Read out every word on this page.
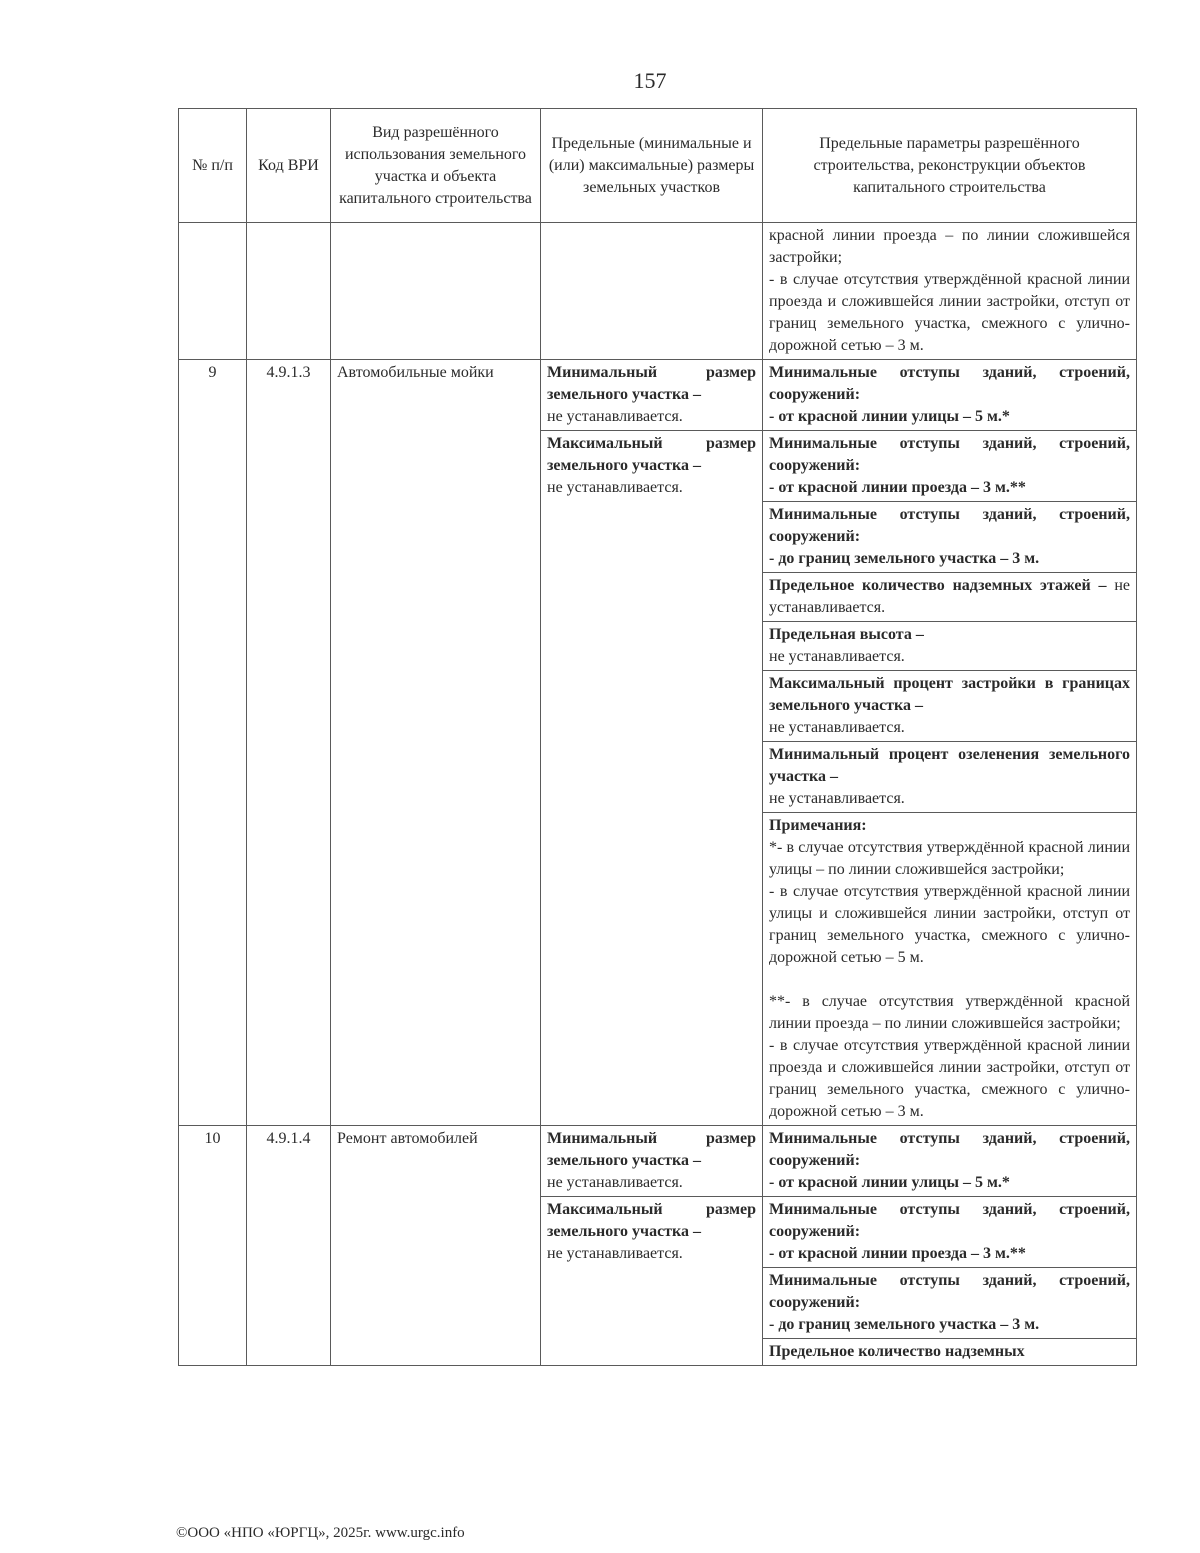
157
№ п/п	Код ВРИ	Вид разрешённого использования земельного участка и объекта капитального строительства	Предельные (минимальные и (или) максимальные) размеры земельных участков	Предельные параметры разрешённого строительства, реконструкции объектов капитального строительства

				красной линии проезда – по линии сложившейся застройки;
- в случае отсутствия утверждённой красной линии проезда и сложившейся линии застройки, отступ от границ земельного участка, смежного с улично-дорожной сетью – 3 м.

9	4.9.1.3	Автомобильные мойки	Минимальный размер земельного участка –
не устанавливается.	Минимальные отступы зданий, строений, сооружений:
- от красной линии улицы – 5 м.*

			Максимальный размер земельного участка –
не устанавливается.	Минимальные отступы зданий, строений, сооружений:
- от красной линии проезда – 3 м.**

				Минимальные отступы зданий, строений, сооружений:
- до границ земельного участка – 3 м.

				Предельное количество надземных этажей – не устанавливается.

				Предельная высота –
не устанавливается.

				Максимальный процент застройки в границах земельного участка –
не устанавливается.

				Минимальный процент озеленения земельного участка –
не устанавливается.

				Примечания:
*- в случае отсутствия утверждённой красной линии улицы – по линии сложившейся застройки;
- в случае отсутствия утверждённой красной линии улицы и сложившейся линии застройки, отступ от границ земельного участка, смежного с улично-дорожной сетью – 5 м.
**- в случае отсутствия утверждённой красной линии проезда – по линии сложившейся застройки;
- в случае отсутствия утверждённой красной линии проезда и сложившейся линии застройки, отступ от границ земельного участка, смежного с улично-дорожной сетью – 3 м.

10	4.9.1.4	Ремонт автомобилей	Минимальный размер земельного участка –
не устанавливается.	Минимальные отступы зданий, строений, сооружений:
- от красной линии улицы – 5 м.*

			Максимальный размер земельного участка –
не устанавливается.	Минимальные отступы зданий, строений, сооружений:
- от красной линии проезда – 3 м.**

				Минимальные отступы зданий, строений, сооружений:
- до границ земельного участка – 3 м.

				Предельное количество надземных
©ООО «НПО «ЮРГЦ», 2025г. www.urgc.info
